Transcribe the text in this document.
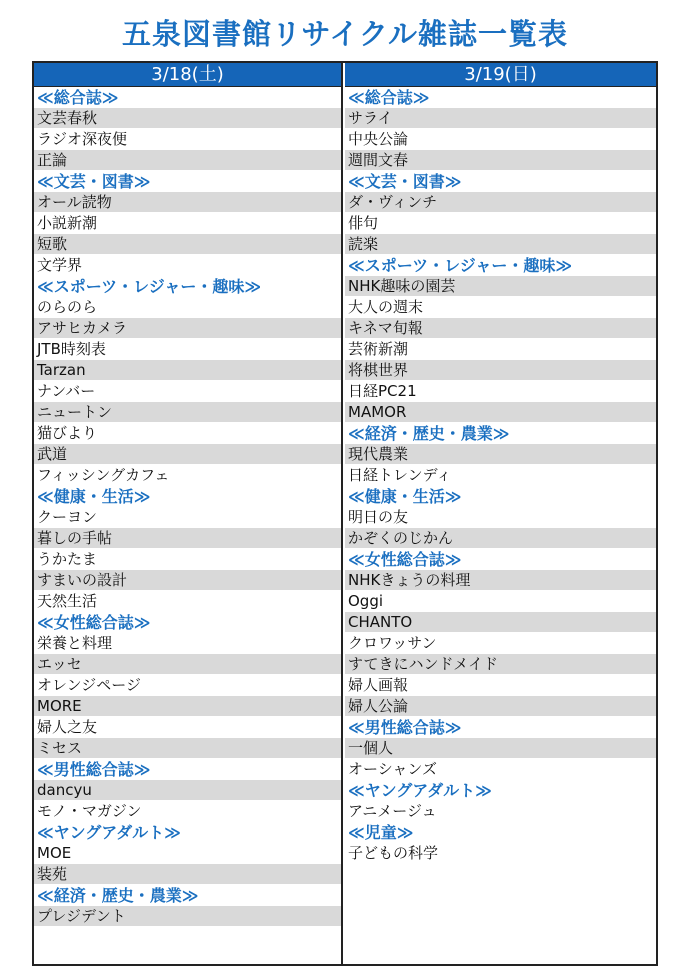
五泉図書館リサイクル雑誌一覧表
3/18(土)
≪総合誌≫
文芸春秋
ラジオ深夜便
正論
≪文芸・図書≫
オール読物
小説新潮
短歌
文学界
≪スポーツ・レジャー・趣味≫
のらのら
アサヒカメラ
JTB時刻表
Tarzan
ナンバー
ニュートン
猫びより
武道
フィッシングカフェ
≪健康・生活≫
クーヨン
暮しの手帖
うかたま
すまいの設計
天然生活
≪女性総合誌≫
栄養と料理
エッセ
オレンジページ
MORE
婦人之友
ミセス
≪男性総合誌≫
dancyu
モノ・マガジン
≪ヤングアダルト≫
MOE
装苑
≪経済・歴史・農業≫
プレジデント
3/19(日)
≪総合誌≫
サライ
中央公論
週間文春
≪文芸・図書≫
ダ・ヴィンチ
俳句
読楽
≪スポーツ・レジャー・趣味≫
NHK趣味の園芸
大人の週末
キネマ旬報
芸術新潮
将棋世界
日経PC21
MAMOR
≪経済・歴史・農業≫
現代農業
日経トレンディ
≪健康・生活≫
明日の友
かぞくのじかん
≪女性総合誌≫
NHKきょうの料理
Oggi
CHANTO
クロワッサン
すてきにハンドメイド
婦人画報
婦人公論
≪男性総合誌≫
一個人
オーシャンズ
≪ヤングアダルト≫
アニメージュ
≪児童≫
子どもの科学
